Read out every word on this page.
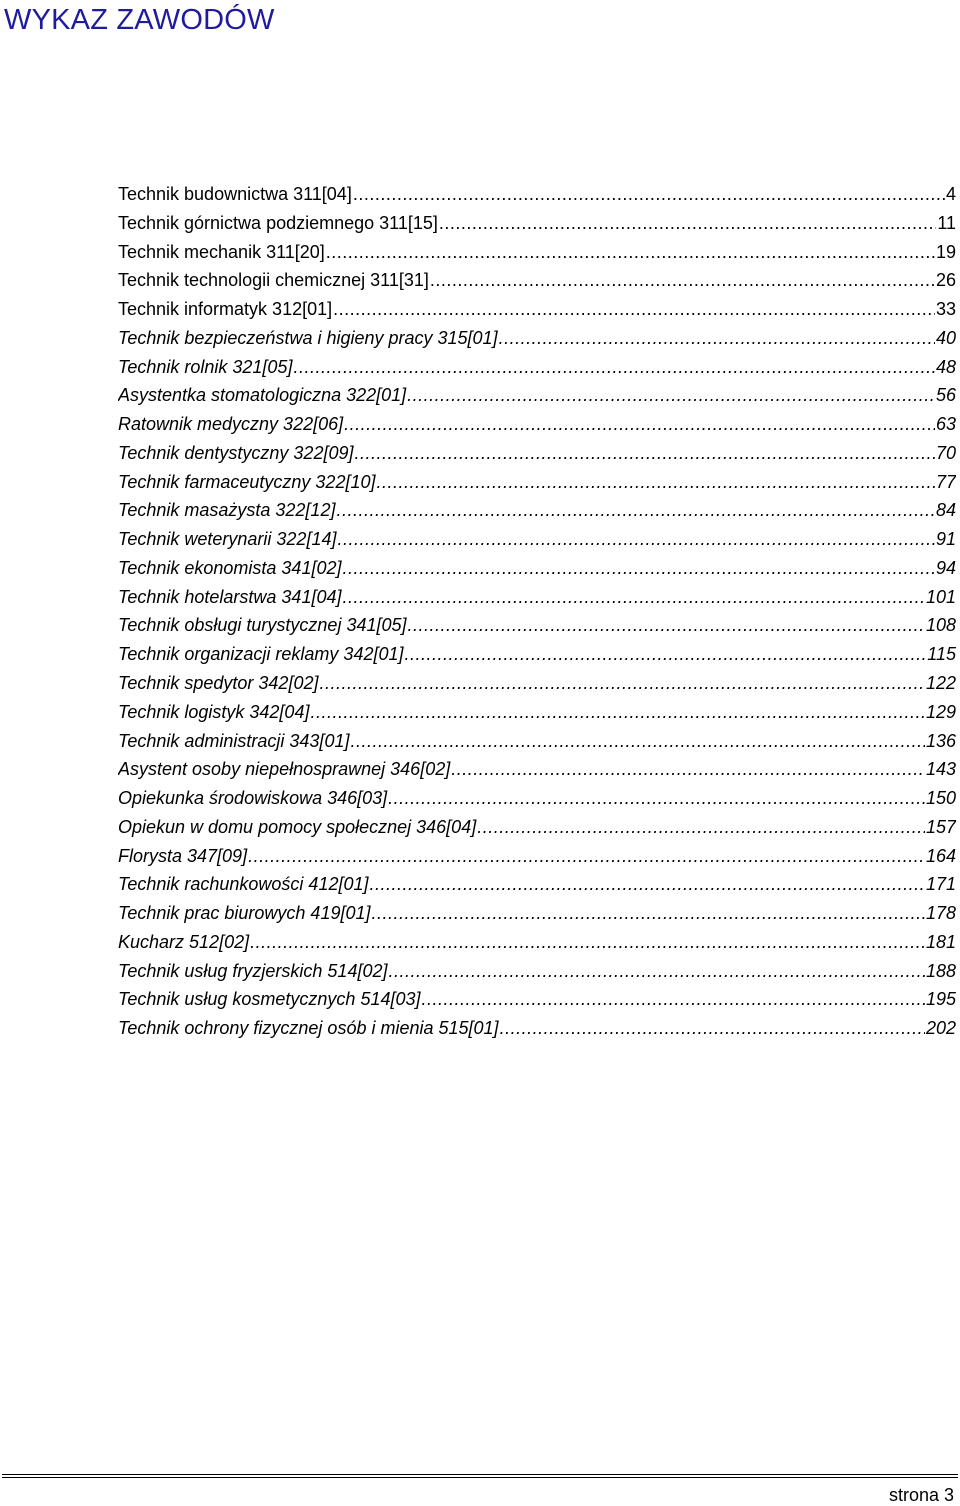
WYKAZ ZAWODÓW
Technik budownictwa 311[04] .....	4
Technik górnictwa podziemnego 311[15] .....	11
Technik mechanik 311[20] .....	19
Technik technologii chemicznej 311[31] .....	26
Technik informatyk 312[01] .....	33
Technik bezpieczeństwa i higieny pracy 315[01] .....	40
Technik rolnik 321[05] .....	48
Asystentka stomatologiczna 322[01] .....	56
Ratownik medyczny 322[06] .....	63
Technik dentystyczny 322[09] .....	70
Technik farmaceutyczny 322[10] .....	77
Technik masażysta 322[12] .....	84
Technik weterynarii 322[14] .....	91
Technik ekonomista 341[02] .....	94
Technik hotelarstwa 341[04] .....	101
Technik obsługi turystycznej 341[05] .....	108
Technik organizacji reklamy 342[01] .....	115
Technik spedytor 342[02] .....	122
Technik logistyk 342[04] .....	129
Technik administracji 343[01] .....	136
Asystent osoby niepełnosprawnej 346[02] .....	143
Opiekunka środowiskowa 346[03] .....	150
Opiekun w domu pomocy społecznej 346[04] .....	157
Florysta 347[09] .....	164
Technik rachunkowości 412[01] .....	171
Technik prac biurowych 419[01] .....	178
Kucharz 512[02] .....	181
Technik usług fryzjerskich 514[02] .....	188
Technik usług kosmetycznych 514[03] .....	195
Technik ochrony fizycznej osób i mienia 515[01] .....	202
strona 3
